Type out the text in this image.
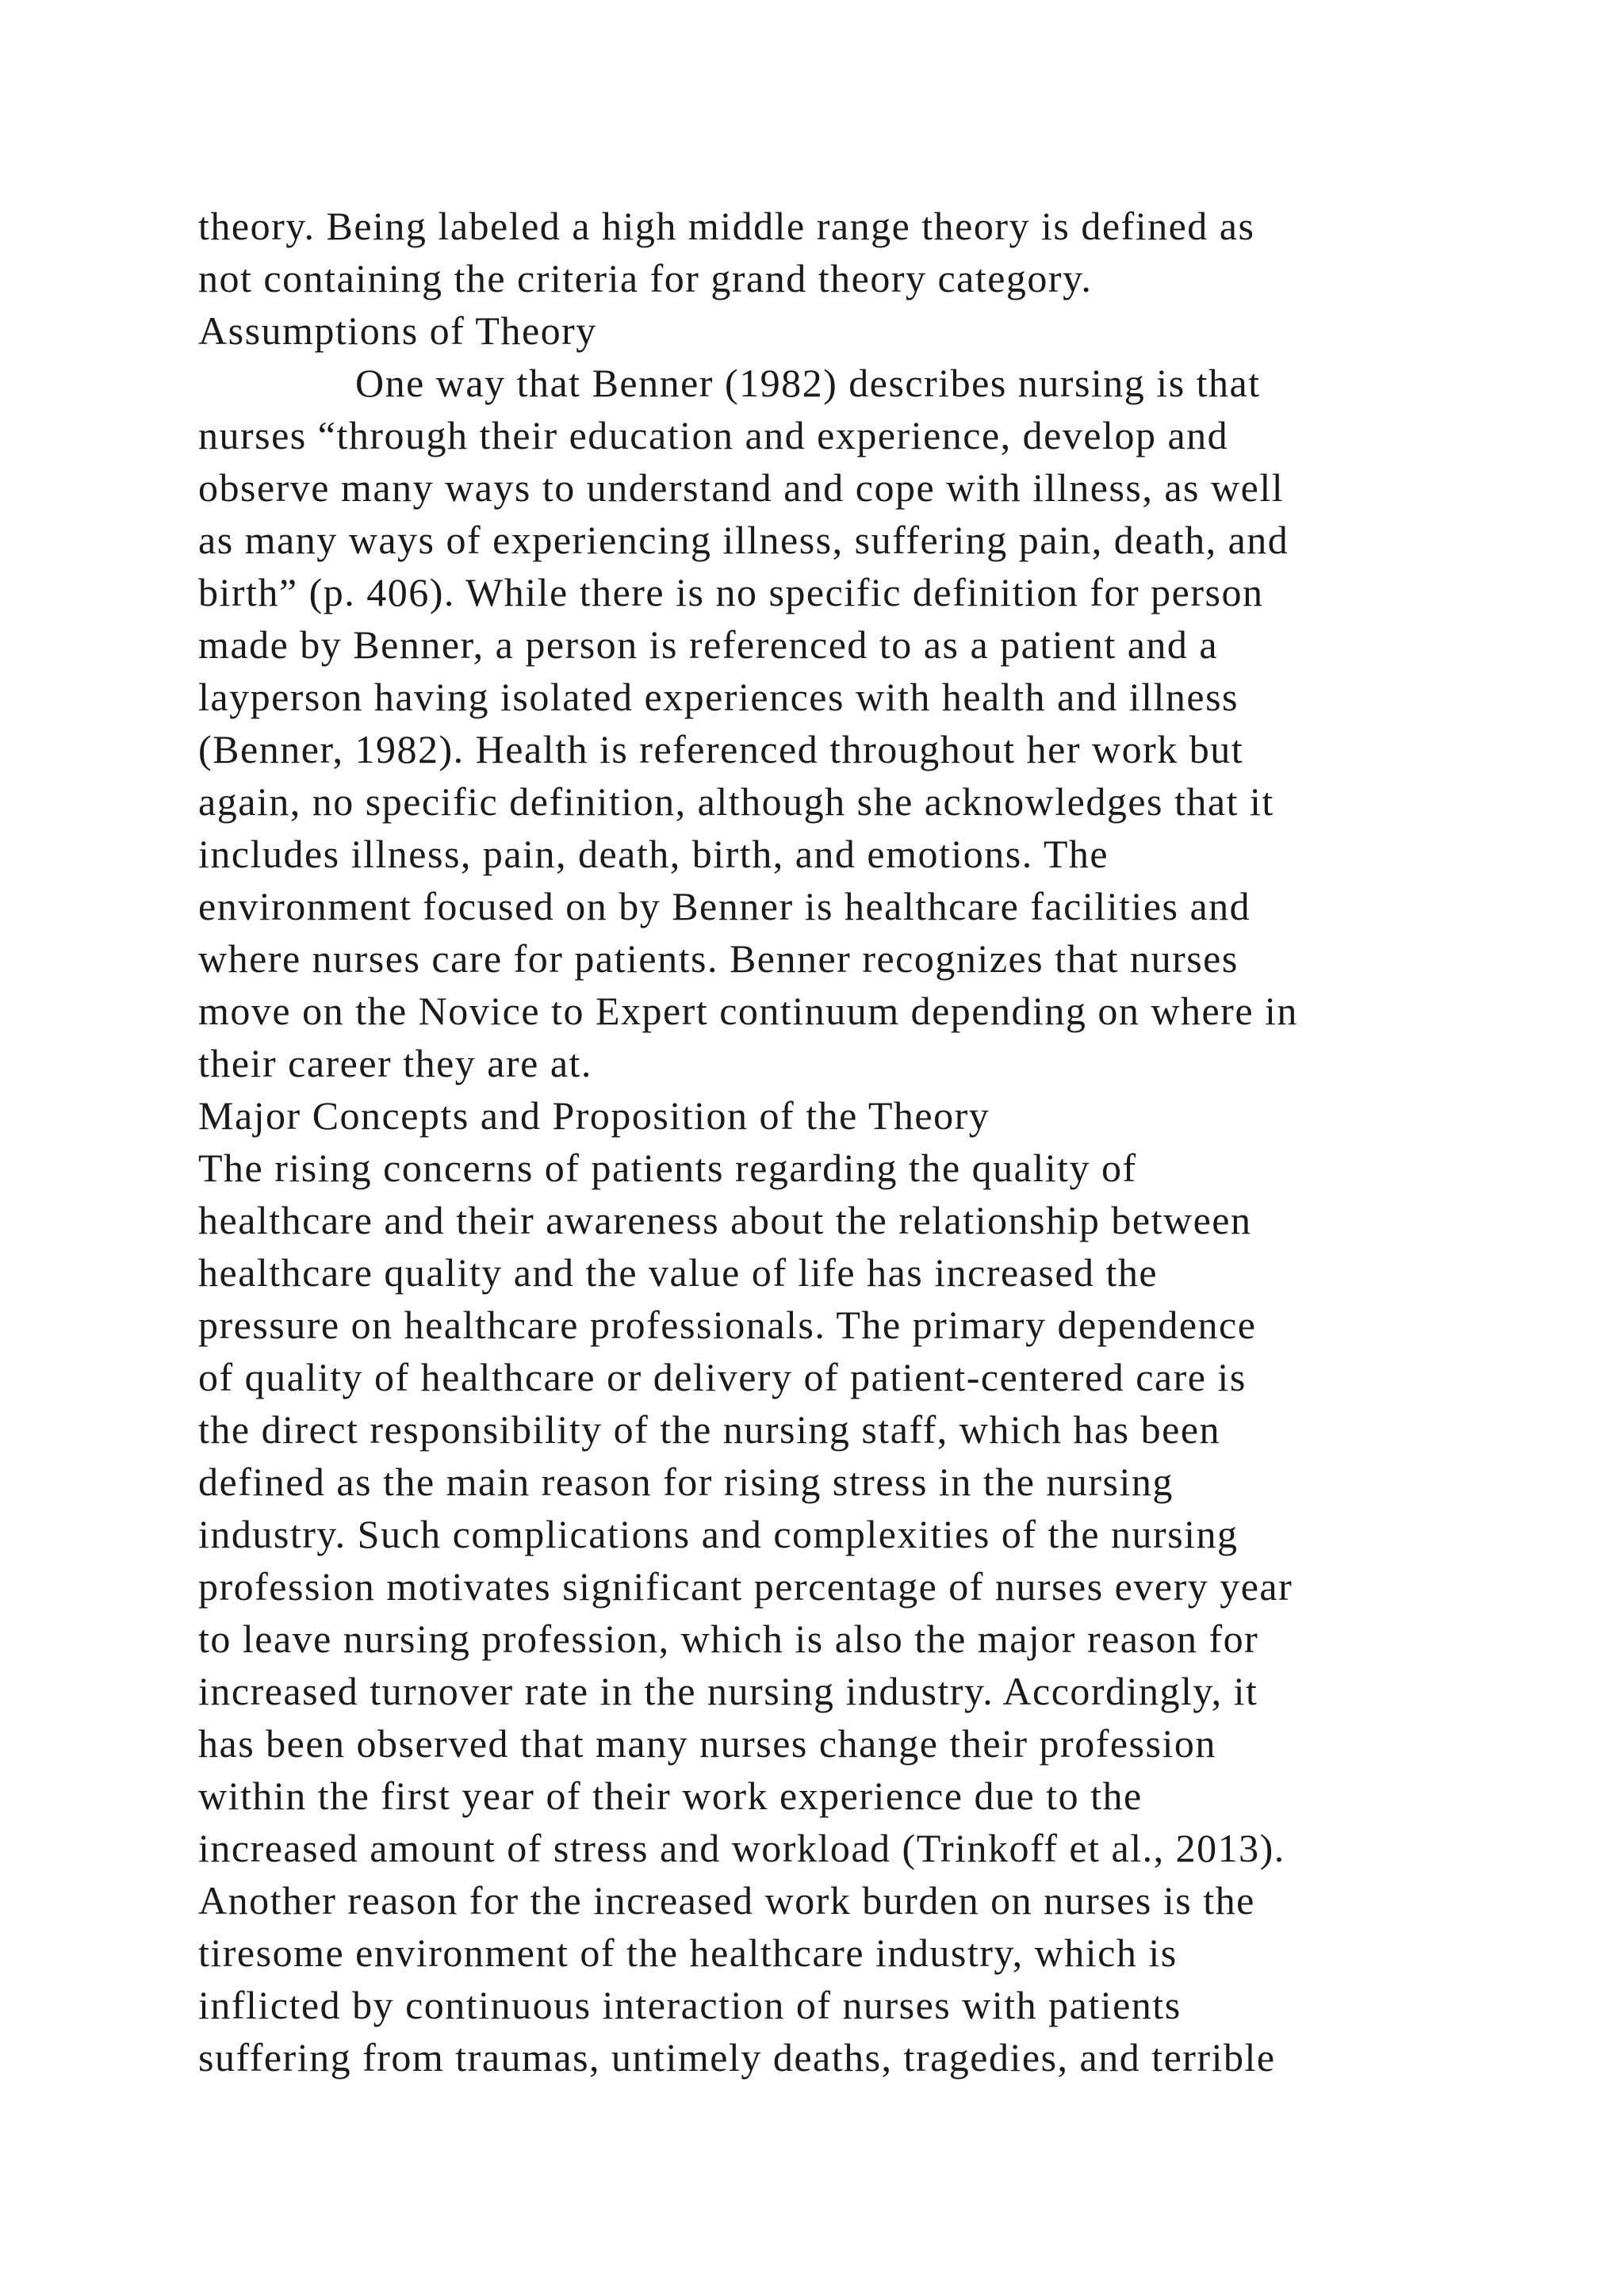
theory. Being labeled a high middle range theory is defined as
not containing the criteria for grand theory category.
Assumptions of Theory
One way that Benner (1982) describes nursing is that
nurses “through their education and experience, develop and
observe many ways to understand and cope with illness, as well
as many ways of experiencing illness, suffering pain, death, and
birth” (p. 406). While there is no specific definition for person
made by Benner, a person is referenced to as a patient and a
layperson having isolated experiences with health and illness
(Benner, 1982). Health is referenced throughout her work but
again, no specific definition, although she acknowledges that it
includes illness, pain, death, birth, and emotions. The
environment focused on by Benner is healthcare facilities and
where nurses care for patients. Benner recognizes that nurses
move on the Novice to Expert continuum depending on where in
their career they are at.
Major Concepts and Proposition of the Theory
The rising concerns of patients regarding the quality of
healthcare and their awareness about the relationship between
healthcare quality and the value of life has increased the
pressure on healthcare professionals. The primary dependence
of quality of healthcare or delivery of patient-centered care is
the direct responsibility of the nursing staff, which has been
defined as the main reason for rising stress in the nursing
industry. Such complications and complexities of the nursing
profession motivates significant percentage of nurses every year
to leave nursing profession, which is also the major reason for
increased turnover rate in the nursing industry. Accordingly, it
has been observed that many nurses change their profession
within the first year of their work experience due to the
increased amount of stress and workload (Trinkoff et al., 2013).
Another reason for the increased work burden on nurses is the
tiresome environment of the healthcare industry, which is
inflicted by continuous interaction of nurses with patients
suffering from traumas, untimely deaths, tragedies, and terrible
